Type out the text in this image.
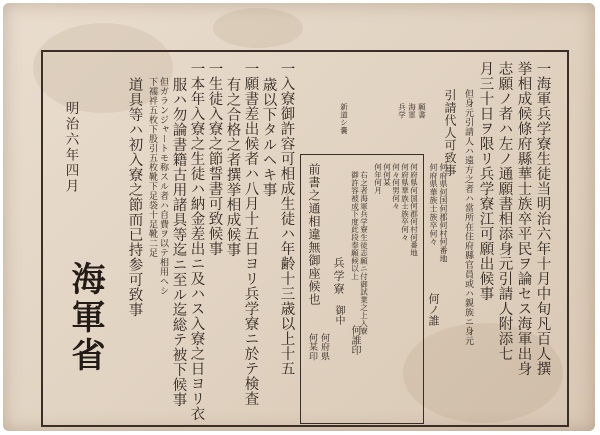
一海軍兵学寮生徒当明治六年十月中旬凡百人撰
挙相成候條府縣華士族卒平民ヲ論セス海軍出身
志願ノ者ハ左ノ通願書相添身元引請人附添七
月三十日ヲ限リ兵学寮江可願出候事
但身元引請人ハ遠方之者ハ當所在住府縣官員或ハ親族ニ身元
引請代人可致事
新道シ嚢	願書
海軍
兵学
何府県何国何郡何村何番地
何府県華族士族卒何々
何々何男何々
何何某
何年何月
右之者海軍兵学寮生徒志願ニ付御試業之上入寮
御許容被成下度此段奉願候以上
兵学寮
御中
前書之通相違無御座候也
何府県
何某印	何誰印
何府県何国何郡何村何番地
何府県華族士族卒何々
何ノ誰
一入寮御許容可相成生徒ハ年齢十三歳以上十五
歳以下タルヘキ事
一願書差出候者ハ八月十五日ヨリ兵学寮ニ於テ検査
有之合格之者撰挙相成候事
一生徒入寮之節誓書可致候事
一本年入寮之生徒ハ納金差出ニ及ハス入寮之日ヨリ衣
服ハ勿論書籍古用諸具等迄ニ至ル迄総テ被下候事
但ガランジャートモ称スル者ハ自費ヲ以テ相用ヘシ
下襦袢五枚下股引五枚靴下足袋十足靴二足
道具等ハ初入寮之節而已持参可致事
明治六年四月
海軍省
